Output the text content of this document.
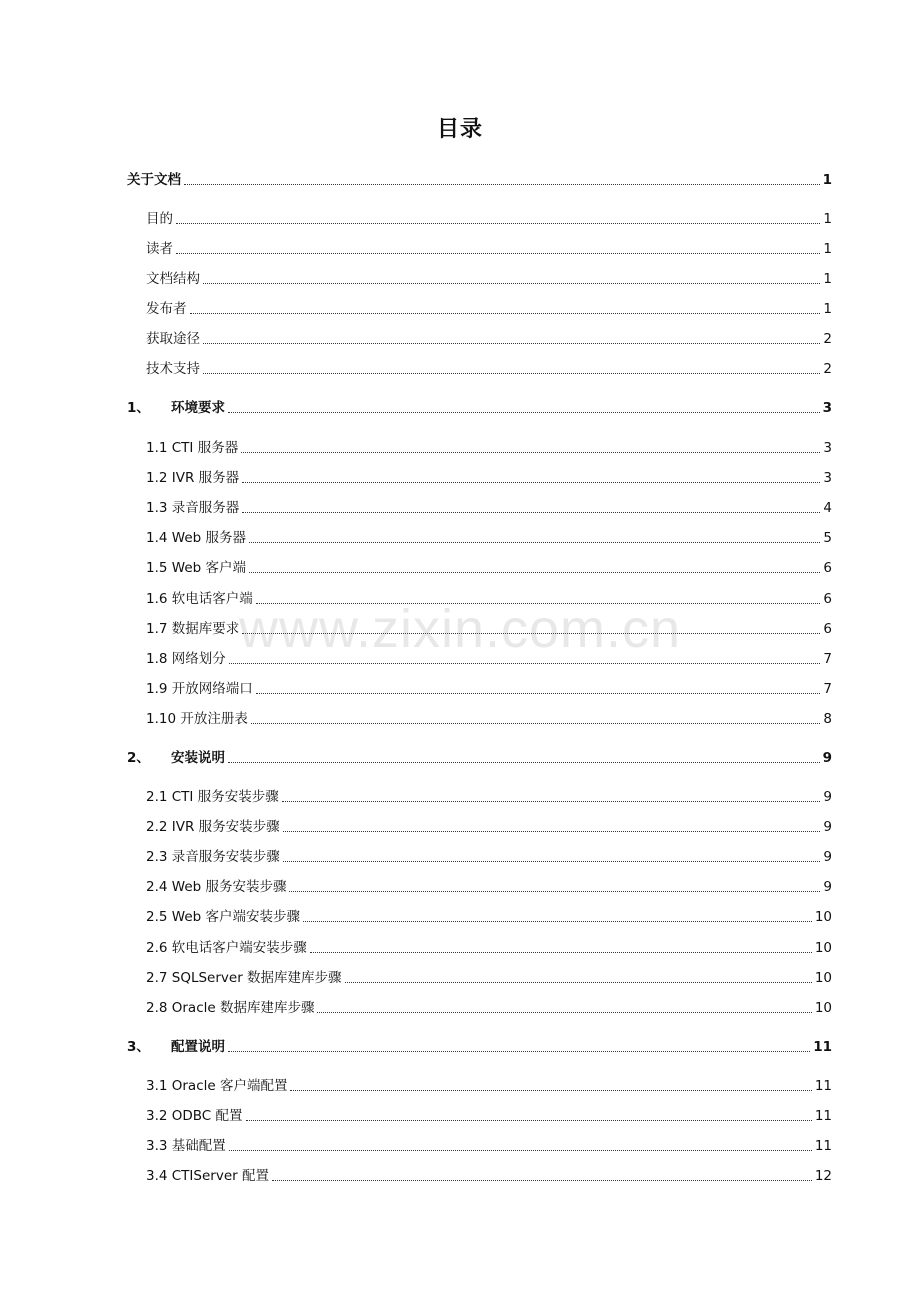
目录
关于文档	1
目的	1
读者	1
文档结构	1
发布者	1
获取途径	2
技术支持	2
1、	环境要求	3
1.1 CTI 服务器	3
1.2 IVR 服务器	3
1.3 录音服务器	4
1.4 Web 服务器	5
1.5 Web 客户端	6
1.6 软电话客户端	6
1.7 数据库要求	6
1.8 网络划分	7
1.9 开放网络端口	7
1.10 开放注册表	8
2、	安装说明	9
2.1 CTI 服务安装步骤	9
2.2 IVR 服务安装步骤	9
2.3 录音服务安装步骤	9
2.4 Web 服务安装步骤	9
2.5 Web 客户端安装步骤	10
2.6 软电话客户端安装步骤	10
2.7 SQLServer 数据库建库步骤	10
2.8 Oracle 数据库建库步骤	10
3、	配置说明	11
3.1 Oracle 客户端配置	11
3.2 ODBC 配置	11
3.3 基础配置	11
3.4 CTIServer 配置	12
www.zixin.com.cn
